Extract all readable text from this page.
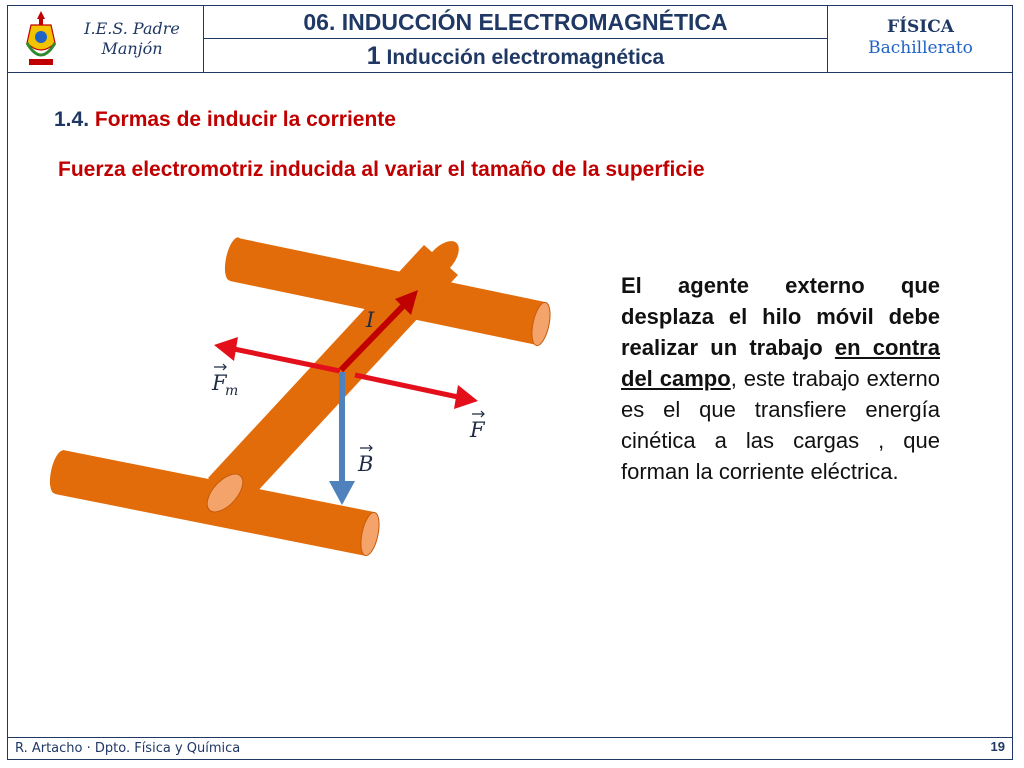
I.E.S. Padre Manjón
06. INDUCCIÓN ELECTROMAGNÉTICA
1 Inducción electromagnética
FÍSICA
Bachillerato
1.4. Formas de inducir la corriente
Fuerza electromotriz inducida al variar el tamaño de la superficie
I
F
m
F
B
El agente externo que desplaza el hilo móvil debe realizar un trabajo en contra del campo, este trabajo externo es el que transfiere energía cinética a las cargas , que forman la corriente eléctrica.
R. Artacho · Dpto. Física y Química	19
